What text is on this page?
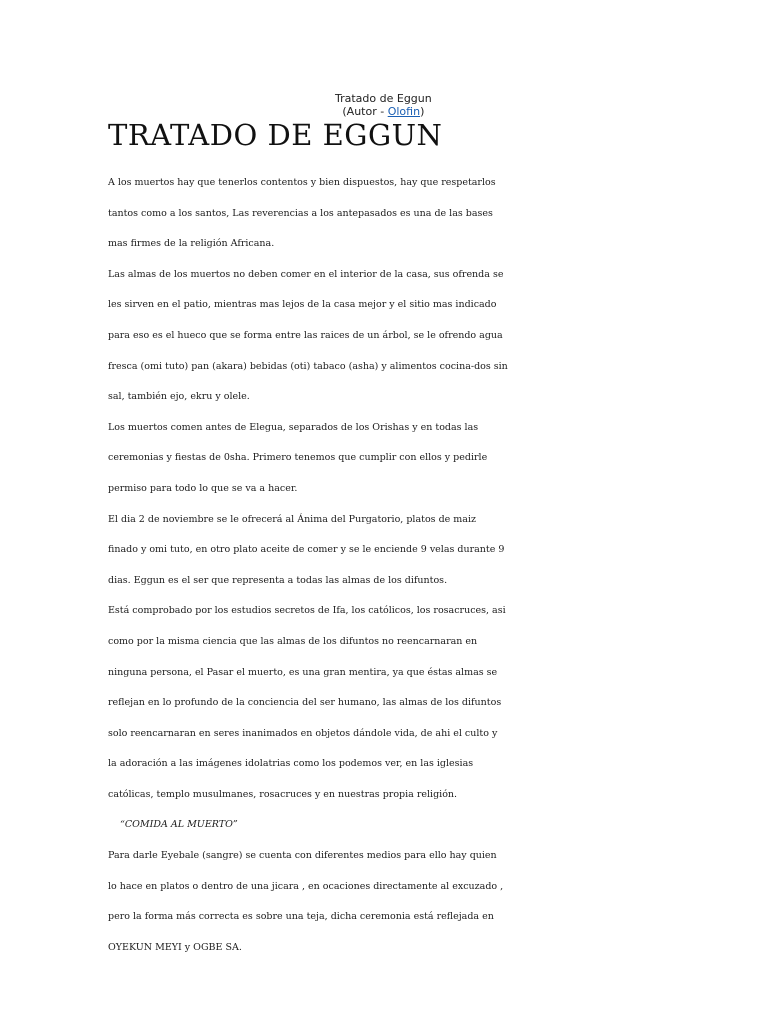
Tratado de Eggun
(Autor - Olofin)
TRATADO DE EGGUN

A los muertos hay que tenerlos contentos y bien dispuestos, hay que respetarlos tantos como a los santos, Las reverencias a los antepasados es una de las bases mas firmes de la religión Africana.

Las almas de los muertos no deben comer en el interior de la casa, sus ofrenda se les sirven en el patio, mientras mas lejos de la casa mejor y el sitio mas indicado para eso es el hueco que se forma entre las raices de un árbol, se le ofrendo agua fresca (omi tuto) pan (akara) bebidas (oti) tabaco (asha) y alimentos cocina-dos sin sal, también ejo, ekru y olele.

Los muertos comen antes de Elegua, separados de los Orishas y en todas las ceremonias y fiestas de 0sha. Primero tenemos que cumplir con ellos y pedirle permiso para todo lo que se va a hacer.

El dia 2 de noviembre se le ofrecerá al Ánima del Purgatorio, platos de maiz finado y omi tuto, en otro plato aceite de comer y se le enciende 9 velas durante 9 dias. Eggun es el ser que representa a todas las almas de los difuntos.

Está comprobado por los estudios secretos de Ifa, los católicos, los rosacruces, asi como por la misma ciencia que las almas de los difuntos no reencarnaran en ninguna persona, el Pasar el muerto, es una gran mentira, ya que éstas almas se reflejan en lo profundo de la conciencia del ser humano, las almas de los difuntos solo reencarnaran en seres inanimados en objetos dándole vida, de ahi el culto y la adoración a las imágenes idolatrias como los podemos ver, en las iglesias católicas, templo musulmanes, rosacruces y en nuestras propia religión.

“COMIDA AL MUERTO”

Para darle Eyebale (sangre) se cuenta con diferentes medios para ello hay quien lo hace en platos o dentro de una jicara , en ocaciones directamente al excuzado , pero la forma más correcta es sobre una teja, dicha ceremonia está reflejada en OYEKUN MEYI y OGBE SA.
